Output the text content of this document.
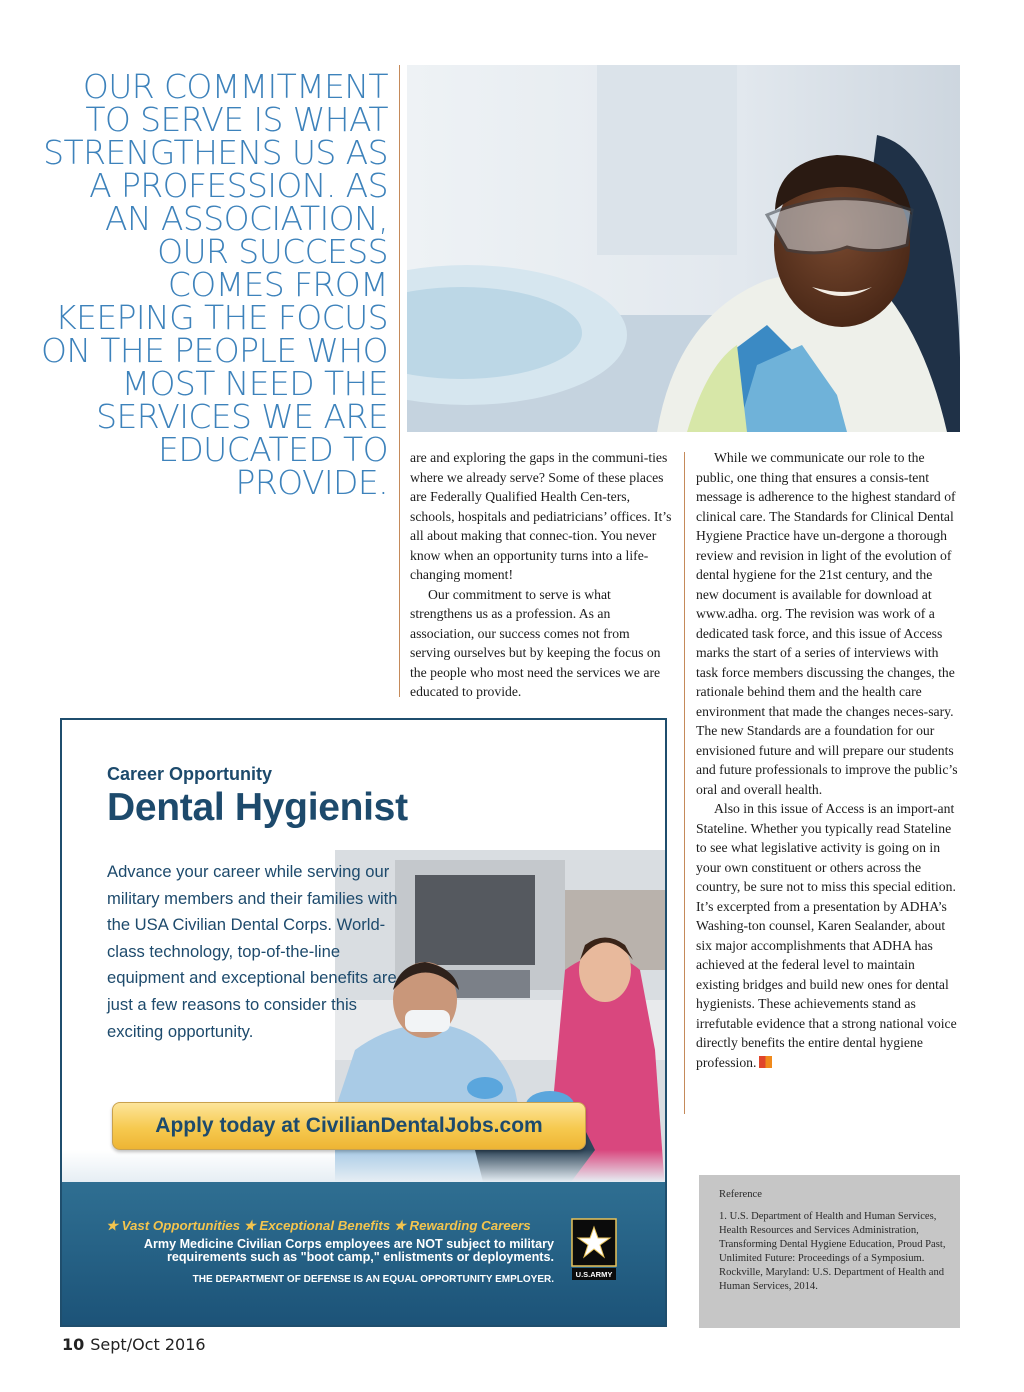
OUR COMMITMENT TO SERVE IS WHAT STRENGTHENS US AS A PROFESSION. AS AN ASSOCIATION, OUR SUCCESS COMES FROM KEEPING THE FOCUS ON THE PEOPLE WHO MOST NEED THE SERVICES WE ARE EDUCATED TO PROVIDE.

are and exploring the gaps in the communi-ties where we already serve? Some of these places are Federally Qualified Health Cen-ters, schools, hospitals and pediatricians’ offices. It’s all about making that connec-tion. You never know when an opportunity turns into a life-changing moment!

Our commitment to serve is what strengthens us as a profession. As an association, our success comes not from serving ourselves but by keeping the focus on the people who most need the services we are educated to provide.

While we communicate our role to the public, one thing that ensures a consis-tent message is adherence to the highest standard of clinical care. The Standards for Clinical Dental Hygiene Practice have un-dergone a thorough review and revision in light of the evolution of dental hygiene for the 21st century, and the new document is available for download at www.adha. org. The revision was work of a dedicated task force, and this issue of Access marks the start of a series of interviews with task force members discussing the changes, the rationale behind them and the health care environment that made the changes neces-sary. The new Standards are a foundation for our envisioned future and will prepare our students and future professionals to improve the public’s oral and overall health.

Also in this issue of Access is an import-ant Stateline. Whether you typically read Stateline to see what legislative activity is going on in your own constituent or others across the country, be sure not to miss this special edition. It’s excerpted from a presentation by ADHA’s Washing-ton counsel, Karen Sealander, about six major accomplishments that ADHA has achieved at the federal level to maintain existing bridges and build new ones for dental hygienists. These achievements stand as irrefutable evidence that a strong national voice directly benefits the entire dental hygiene profession.

Career Opportunity

Dental Hygienist

Advance your career while serving our military members and their families with the USA Civilian Dental Corps. World-class technology, top-of-the-line equipment and exceptional benefits are just a few reasons to consider this exciting opportunity.

Apply today at CivilianDentalJobs.com

★ Vast Opportunities ★ Exceptional Benefits ★ Rewarding Careers

Army Medicine Civilian Corps employees are NOT subject to military requirements such as "boot camp," enlistments or deployments.

THE DEPARTMENT OF DEFENSE IS AN EQUAL OPPORTUNITY EMPLOYER.	U.S.ARMY

Reference

1. U.S. Department of Health and Human Services, Health Resources and Services Administration, Transforming Dental Hygiene Education, Proud Past, Unlimited Future: Proceedings of a Symposium. Rockville, Maryland: U.S. Department of Health and Human Services, 2014.

10 Sept/Oct 2016
